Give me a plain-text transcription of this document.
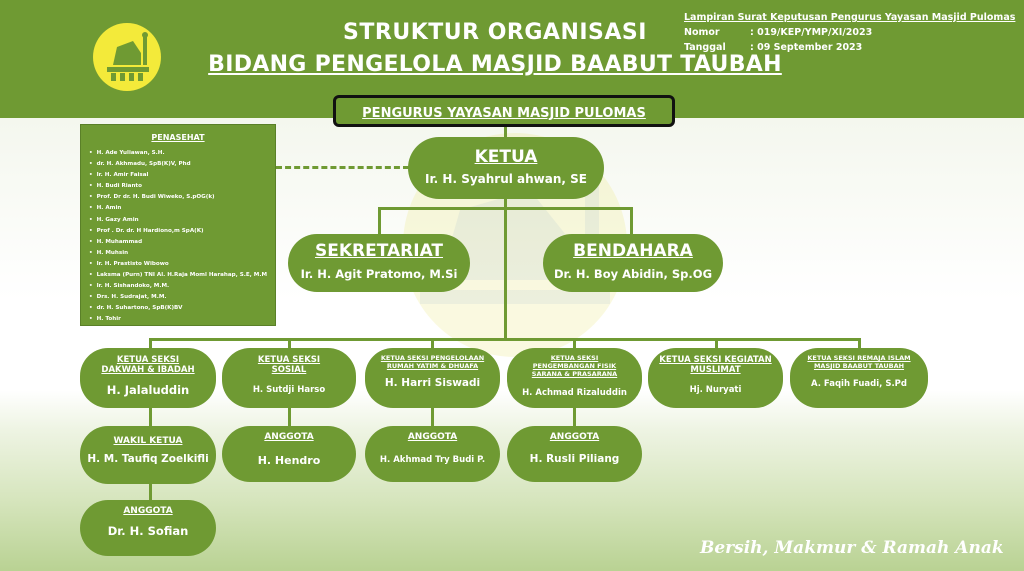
STRUKTUR ORGANISASI
BIDANG PENGELOLA MASJID BAABUT TAUBAH
Lampiran Surat Keputusan Pengurus Yayasan Masjid Pulomas
Nomor	: 019/KEP/YMP/XI/2023
Tanggal	: 09 September 2023
PENGURUS YAYASAN MASJID PULOMAS
PENASEHAT
• H. Ade Yuliawan, S.H.
• dr. H. Akhmadu, SpB(K)V, Phd
• Ir. H. Amir Faisal
• H. Budi Rianto
• Prof. Dr dr. H. Budi Wiweko, S.pOG(k)
• H. Amin
• H. Gazy Amin
• Prof . Dr. dr. H Hardiono,m SpA(K)
• H. Muhammad
• H. Muhsin
• Ir. H. Prastisto Wibowo
• Laksma (Purn) TNI Al. H.Raja Moml Harahap, S.E, M.M
• Ir. H. Sishandoko, M.M.
• Drs. H. Sudrajat, M.M.
• dr. H. Suhartono, SpB(K)BV
• H. Tohir
KETUA
Ir. H. Syahrul ahwan, SE
SEKRETARIAT
Ir. H. Agit Pratomo, M.Si
BENDAHARA
Dr. H. Boy Abidin, Sp.OG
KETUA SEKSI DAKWAH & IBADAH
H. Jalaluddin
KETUA SEKSI SOSIAL
H. Sutdji Harso
KETUA SEKSI PENGELOLAAN RUMAH YATIM & DHUAFA
H. Harri Siswadi
KETUA SEKSI PENGEMBANGAN FISIK SARANA & PRASARANA
H. Achmad Rizaluddin
KETUA SEKSI KEGIATAN MUSLIMAT
Hj. Nuryati
KETUA SEKSI REMAJA ISLAM MASJID BAABUT TAUBAH
A. Faqih Fuadi, S.Pd
WAKIL KETUA
H. M. Taufiq Zoelkifli
ANGGOTA
Dr. H. Sofian
ANGGOTA
H. Hendro
ANGGOTA
H. Akhmad Try Budi P.
ANGGOTA
H. Rusli Piliang
Bersih, Makmur & Ramah Anak
